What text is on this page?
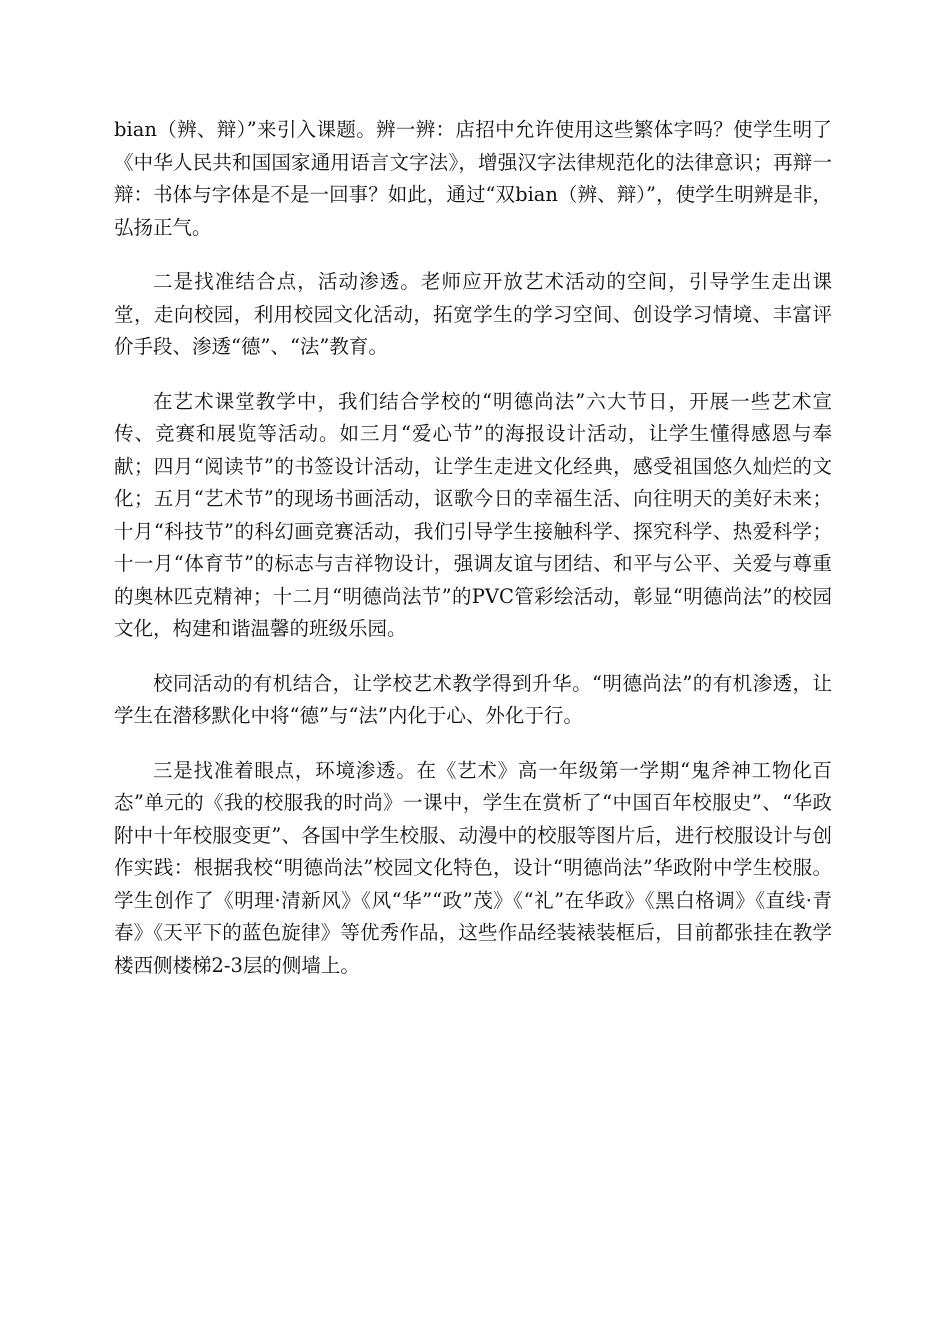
bian（辨、辩）”来引入课题。辨一辨：店招中允许使用这些繁体字吗？使学生明了《中华人民共和国国家通用语言文字法》，增强汉字法律规范化的法律意识；再辩一辩：书体与字体是不是一回事？如此，通过“双bian（辨、辩）”，使学生明辨是非，弘扬正气。

二是找准结合点，活动渗透。老师应开放艺术活动的空间，引导学生走出课堂，走向校园，利用校园文化活动，拓宽学生的学习空间、创设学习情境、丰富评价手段、渗透“德”、“法”教育。

在艺术课堂教学中，我们结合学校的“明德尚法”六大节日，开展一些艺术宣传、竞赛和展览等活动。如三月“爱心节”的海报设计活动，让学生懂得感恩与奉献；四月“阅读节”的书签设计活动，让学生走进文化经典，感受祖国悠久灿烂的文化；五月“艺术节”的现场书画活动，讴歌今日的幸福生活、向往明天的美好未来；十月“科技节”的科幻画竞赛活动，我们引导学生接触科学、探究科学、热爱科学；十一月“体育节”的标志与吉祥物设计，强调友谊与团结、和平与公平、关爱与尊重的奥林匹克精神；十二月“明德尚法节”的PVC管彩绘活动，彰显“明德尚法”的校园文化，构建和谐温馨的班级乐园。

校同活动的有机结合，让学校艺术教学得到升华。“明德尚法”的有机渗透，让学生在潜移默化中将“德”与“法”内化于心、外化于行。

三是找准着眼点，环境渗透。在《艺术》高一年级第一学期“鬼斧神工物化百态”单元的《我的校服我的时尚》一课中，学生在赏析了“中国百年校服史”、“华政附中十年校服变更”、各国中学生校服、动漫中的校服等图片后，进行校服设计与创作实践：根据我校“明德尚法”校园文化特色，设计“明德尚法”华政附中学生校服。学生创作了《明理·清新风》《风“华”“政”茂》《“礼”在华政》《黑白格调》《直线·青春》《天平下的蓝色旋律》等优秀作品，这些作品经装裱装框后，目前都张挂在教学楼西侧楼梯2-3层的侧墙上。
